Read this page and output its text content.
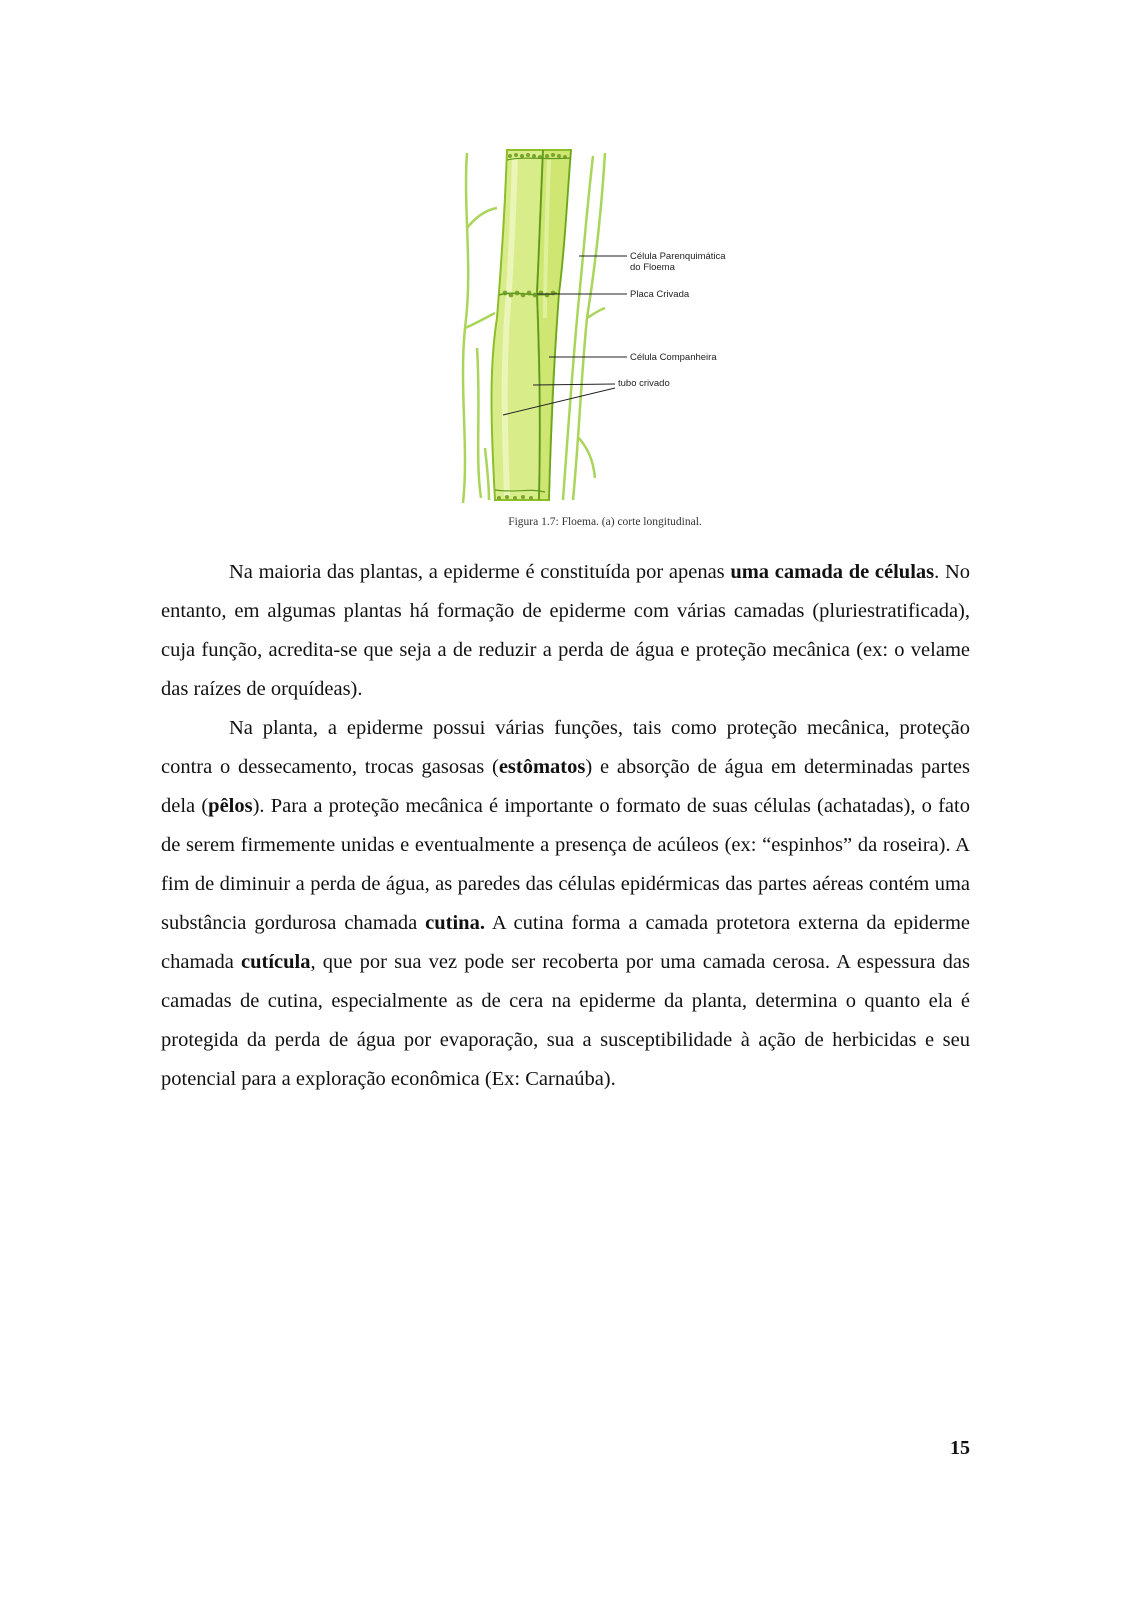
Célula Parenquimática
do Floema
Placa Crivada
Célula Companheira
tubo crivado
Figura 1.7: Floema. (a) corte longitudinal.

Na maioria das plantas, a epiderme é constituída por apenas uma camada de células. No entanto, em algumas plantas há formação de epiderme com várias camadas (pluriestratificada), cuja função, acredita-se que seja a de reduzir a perda de água e proteção mecânica (ex: o velame das raízes de orquídeas).

Na planta, a epiderme possui várias funções, tais como proteção mecânica, proteção contra o dessecamento, trocas gasosas (estômatos) e absorção de água em determinadas partes dela (pêlos). Para a proteção mecânica é importante o formato de suas células (achatadas), o fato de serem firmemente unidas e eventualmente a presença de acúleos (ex: “espinhos” da roseira). A fim de diminuir a perda de água, as paredes das células epidérmicas das partes aéreas contém uma substância gordurosa chamada cutina. A cutina forma a camada protetora externa da epiderme chamada cutícula, que por sua vez pode ser recoberta por uma camada cerosa. A espessura das camadas de cutina, especialmente as de cera na epiderme da planta, determina o quanto ela é protegida da perda de água por evaporação, sua a susceptibilidade à ação de herbicidas e seu potencial para a exploração econômica (Ex: Carnaúba).

15
